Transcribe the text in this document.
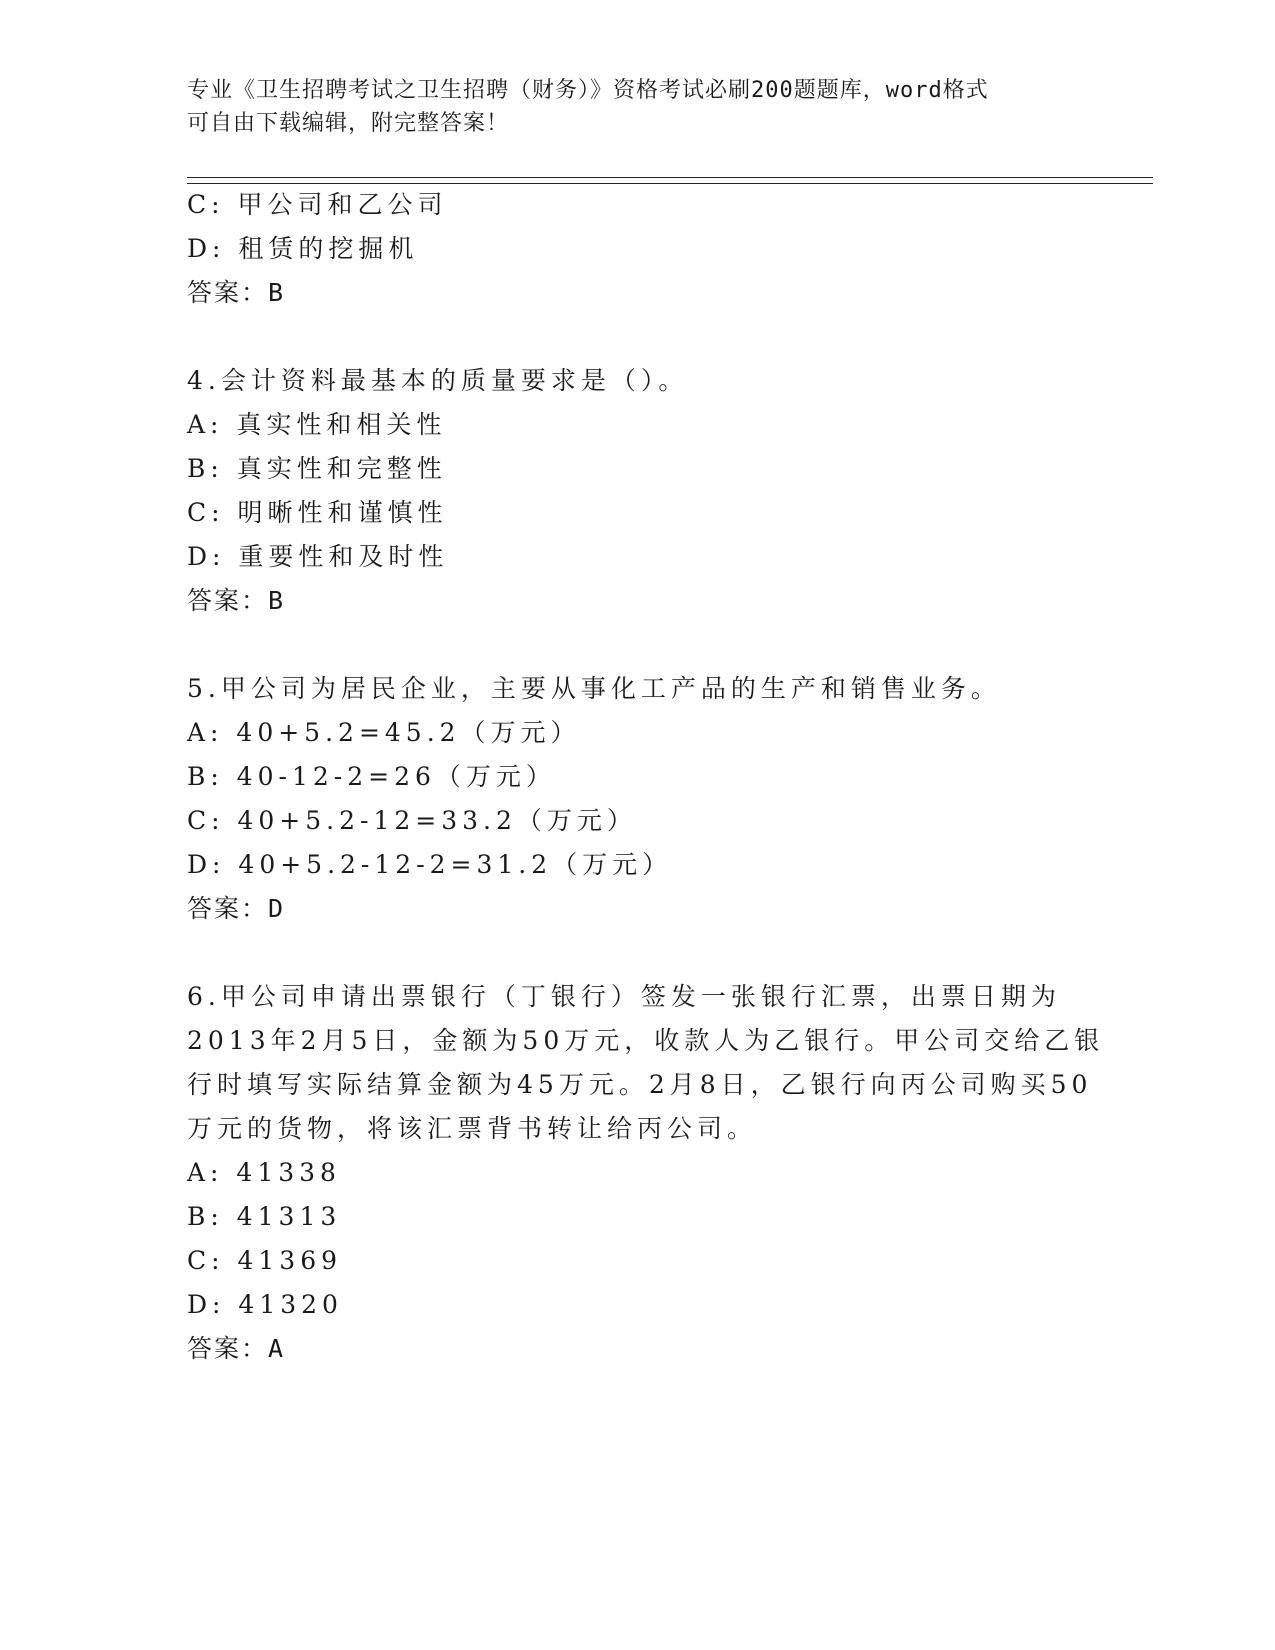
专业《卫生招聘考试之卫生招聘（财务）》资格考试必刷200题题库，word格式
可自由下载编辑，附完整答案！
C: 甲公司和乙公司
D: 租赁的挖掘机
答案：B
4.会计资料最基本的质量要求是（）。
A: 真实性和相关性
B: 真实性和完整性
C: 明晰性和谨慎性
D: 重要性和及时性
答案：B
5.甲公司为居民企业，主要从事化工产品的生产和销售业务。
A: 40+5.2=45.2（万元）
B: 40-12-2=26（万元）
C: 40+5.2-12=33.2（万元）
D: 40+5.2-12-2=31.2（万元）
答案：D
6.甲公司申请出票银行（丁银行）签发一张银行汇票，出票日期为
2013年2月5日，金额为50万元，收款人为乙银行。甲公司交给乙银
行时填写实际结算金额为45万元。2月8日，乙银行向丙公司购买50
万元的货物，将该汇票背书转让给丙公司。
A: 41338
B: 41313
C: 41369
D: 41320
答案：A
